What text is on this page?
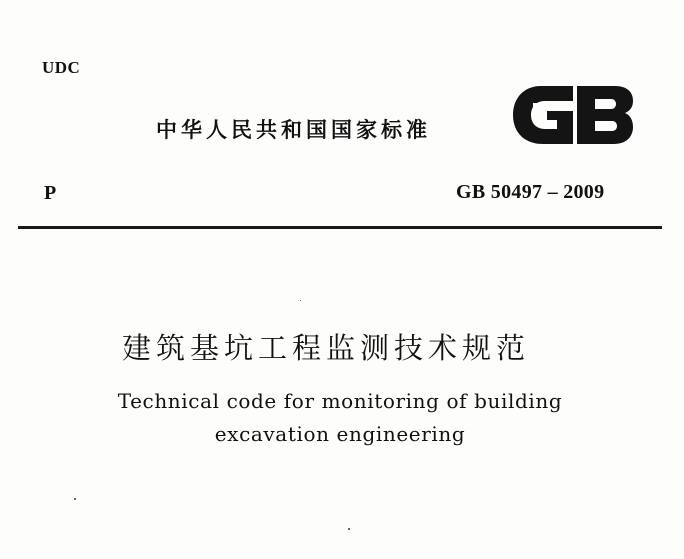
UDC
中华人民共和国国家标准
P	GB 50497 – 2009
建筑基坑工程监测技术规范
Technical code for monitoring of building
excavation engineering
